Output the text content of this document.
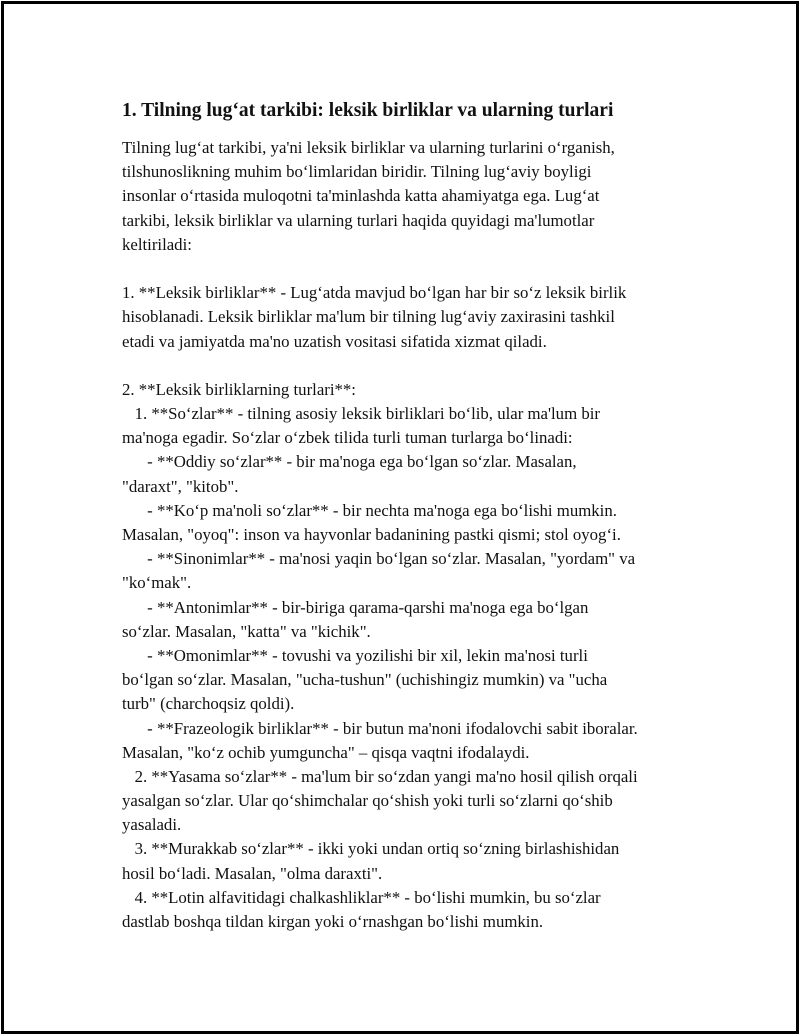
1. Tilning lug‘at tarkibi: leksik birliklar va ularning turlari
Tilning lug‘at tarkibi, ya'ni leksik birliklar va ularning turlarini o‘rganish,
tilshunoslikning muhim bo‘limlaridan biridir. Tilning lug‘aviy boyligi
insonlar o‘rtasida muloqotni ta'minlashda katta ahamiyatga ega. Lug‘at
tarkibi, leksik birliklar va ularning turlari haqida quyidagi ma'lumotlar
keltiriladi:
1. **Leksik birliklar** - Lug‘atda mavjud bo‘lgan har bir so‘z leksik birlik
hisoblanadi. Leksik birliklar ma'lum bir tilning lug‘aviy zaxirasini tashkil
etadi va jamiyatda ma'no uzatish vositasi sifatida xizmat qiladi.
2. **Leksik birliklarning turlari**:
1. **So‘zlar** - tilning asosiy leksik birliklari bo‘lib, ular ma'lum bir
ma'noga egadir. So‘zlar o‘zbek tilida turli tuman turlarga bo‘linadi:
- **Oddiy so‘zlar** - bir ma'noga ega bo‘lgan so‘zlar. Masalan,
"daraxt", "kitob".
- **Ko‘p ma'noli so‘zlar** - bir nechta ma'noga ega bo‘lishi mumkin.
Masalan, "oyoq": inson va hayvonlar badanining pastki qismi; stol oyog‘i.
- **Sinonimlar** - ma'nosi yaqin bo‘lgan so‘zlar. Masalan, "yordam" va
"ko‘mak".
- **Antonimlar** - bir-biriga qarama-qarshi ma'noga ega bo‘lgan
so‘zlar. Masalan, "katta" va "kichik".
- **Omonimlar** - tovushi va yozilishi bir xil, lekin ma'nosi turli
bo‘lgan so‘zlar. Masalan, "ucha-tushun" (uchishingiz mumkin) va "ucha
turb" (charchoqsiz qoldi).
- **Frazeologik birliklar** - bir butun ma'noni ifodalovchi sabit iboralar.
Masalan, "ko‘z ochib yumguncha" – qisqa vaqtni ifodalaydi.
2. **Yasama so‘zlar** - ma'lum bir so‘zdan yangi ma'no hosil qilish orqali
yasalgan so‘zlar. Ular qo‘shimchalar qo‘shish yoki turli so‘zlarni qo‘shib
yasaladi.
3. **Murakkab so‘zlar** - ikki yoki undan ortiq so‘zning birlashishidan
hosil bo‘ladi. Masalan, "olma daraxti".
4. **Lotin alfavitidagi chalkashliklar** - bo‘lishi mumkin, bu so‘zlar
dastlab boshqa tildan kirgan yoki o‘rnashgan bo‘lishi mumkin.
